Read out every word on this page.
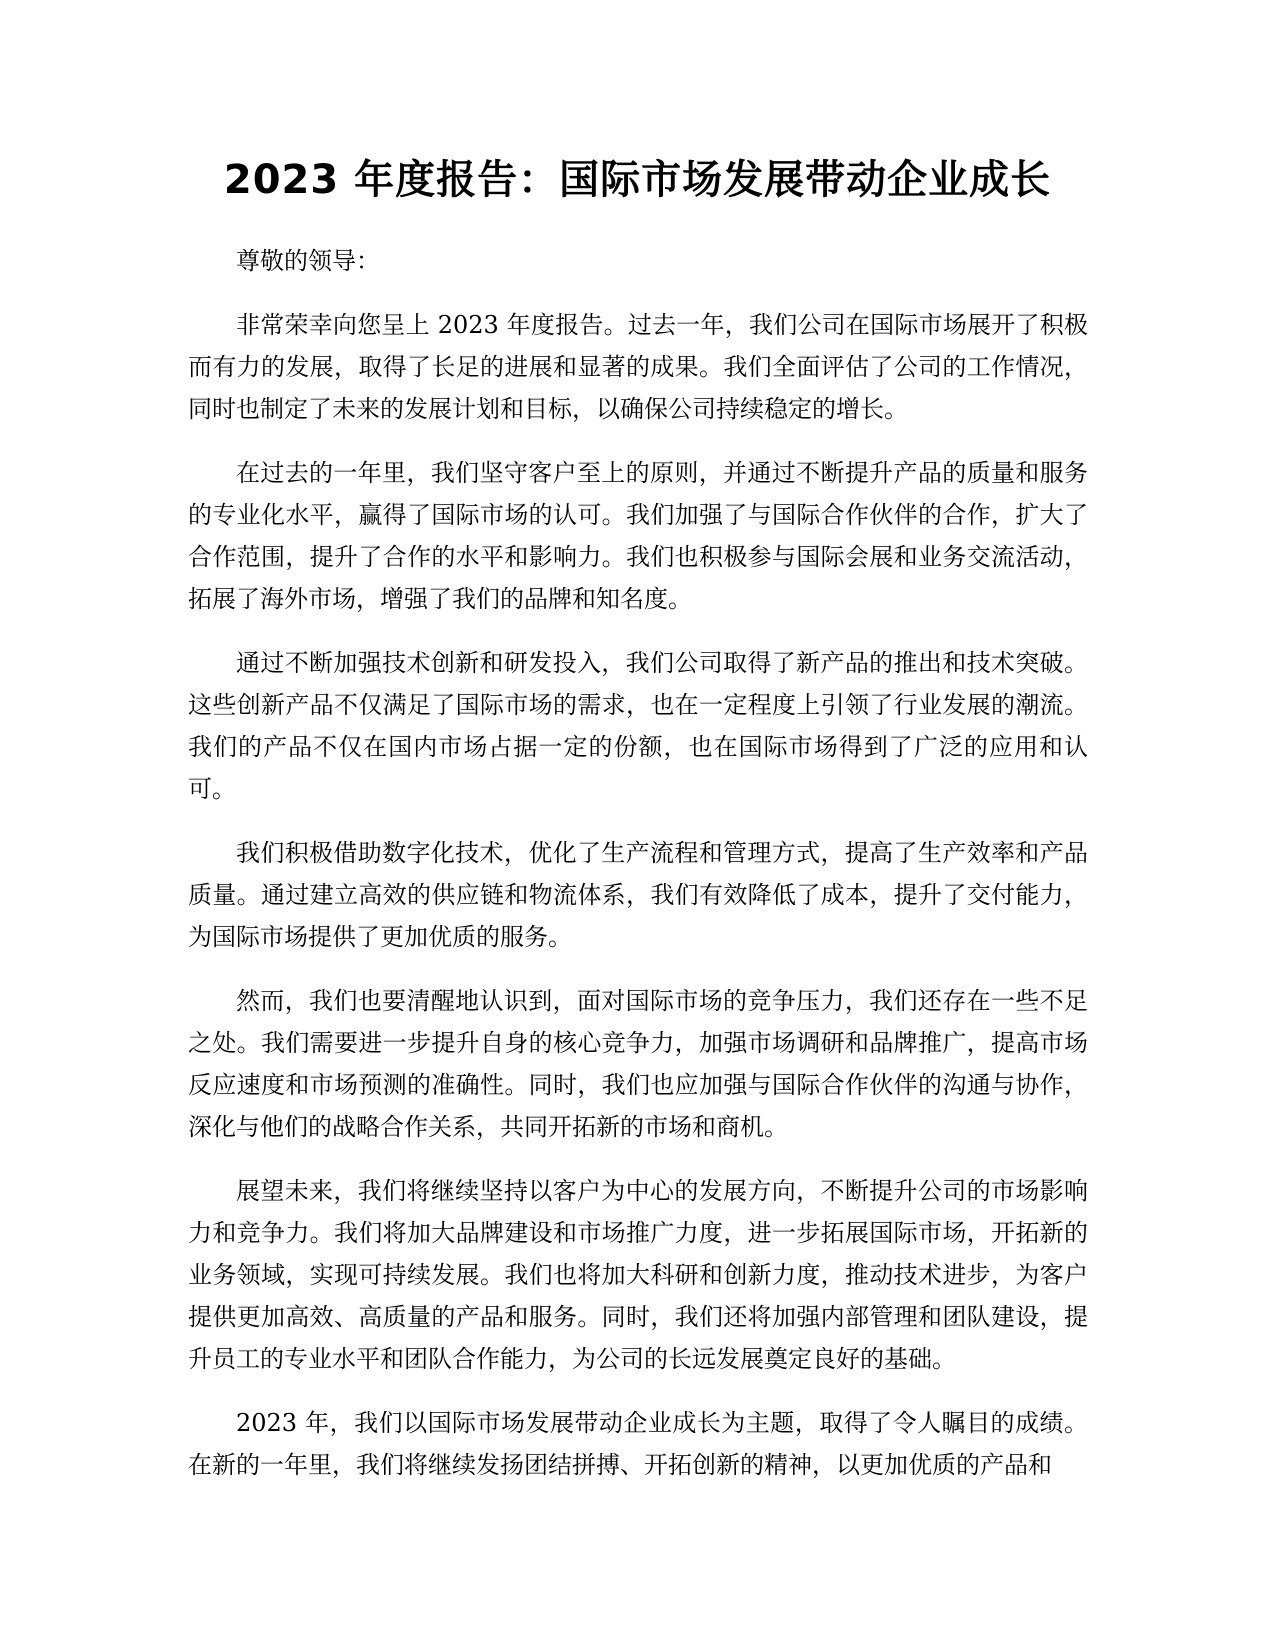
2023 年度报告：国际市场发展带动企业成长

尊敬的领导：

非常荣幸向您呈上 2023 年度报告。过去一年，我们公司在国际市场展开了积极而有力的发展，取得了长足的进展和显著的成果。我们全面评估了公司的工作情况，同时也制定了未来的发展计划和目标，以确保公司持续稳定的增长。

在过去的一年里，我们坚守客户至上的原则，并通过不断提升产品的质量和服务的专业化水平，赢得了国际市场的认可。我们加强了与国际合作伙伴的合作，扩大了合作范围，提升了合作的水平和影响力。我们也积极参与国际会展和业务交流活动，拓展了海外市场，增强了我们的品牌和知名度。

通过不断加强技术创新和研发投入，我们公司取得了新产品的推出和技术突破。这些创新产品不仅满足了国际市场的需求，也在一定程度上引领了行业发展的潮流。我们的产品不仅在国内市场占据一定的份额，也在国际市场得到了广泛的应用和认可。

我们积极借助数字化技术，优化了生产流程和管理方式，提高了生产效率和产品质量。通过建立高效的供应链和物流体系，我们有效降低了成本，提升了交付能力，为国际市场提供了更加优质的服务。

然而，我们也要清醒地认识到，面对国际市场的竞争压力，我们还存在一些不足之处。我们需要进一步提升自身的核心竞争力，加强市场调研和品牌推广，提高市场反应速度和市场预测的准确性。同时，我们也应加强与国际合作伙伴的沟通与协作，深化与他们的战略合作关系，共同开拓新的市场和商机。

展望未来，我们将继续坚持以客户为中心的发展方向，不断提升公司的市场影响力和竞争力。我们将加大品牌建设和市场推广力度，进一步拓展国际市场，开拓新的业务领域，实现可持续发展。我们也将加大科研和创新力度，推动技术进步，为客户提供更加高效、高质量的产品和服务。同时，我们还将加强内部管理和团队建设，提升员工的专业水平和团队合作能力，为公司的长远发展奠定良好的基础。

2023 年，我们以国际市场发展带动企业成长为主题，取得了令人瞩目的成绩。在新的一年里，我们将继续发扬团结拼搏、开拓创新的精神，以更加优质的产品和
